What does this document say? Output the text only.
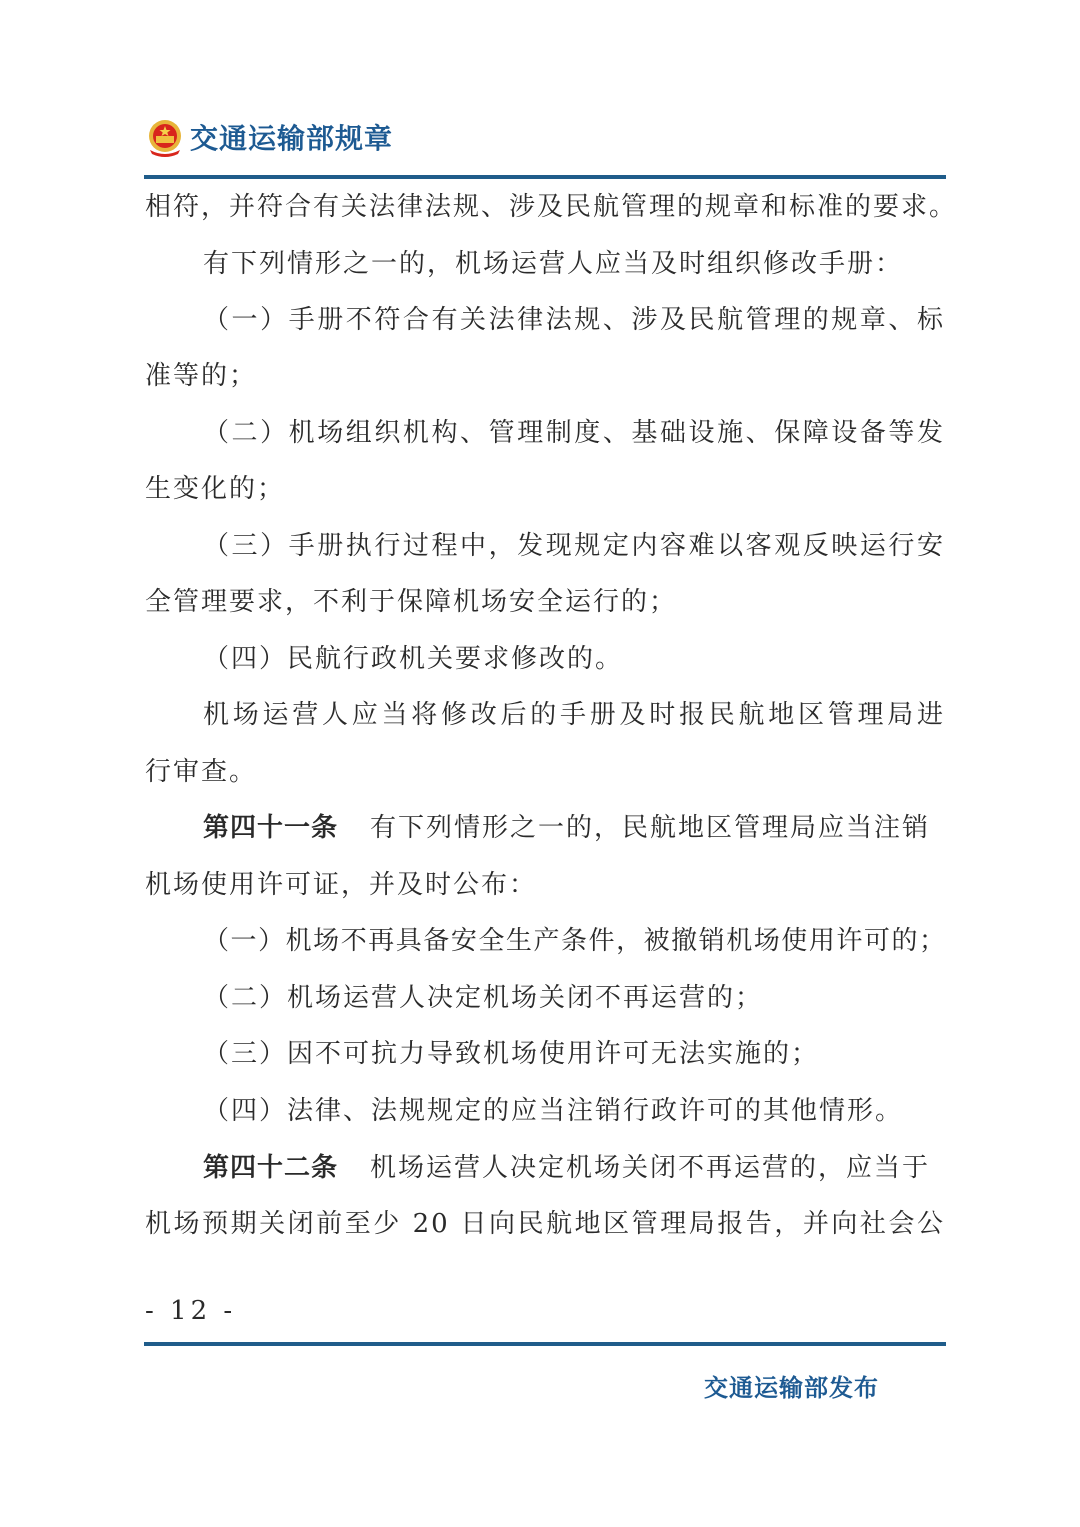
交通运输部规章
相符，并符合有关法律法规、涉及民航管理的规章和标准的要求。
有下列情形之一的，机场运营人应当及时组织修改手册：
（一）手册不符合有关法律法规、涉及民航管理的规章、标
准等的；
（二）机场组织机构、管理制度、基础设施、保障设备等发
生变化的；
（三）手册执行过程中，发现规定内容难以客观反映运行安
全管理要求，不利于保障机场安全运行的；
（四）民航行政机关要求修改的。
机场运营人应当将修改后的手册及时报民航地区管理局进
行审查。
第四十一条 有下列情形之一的，民航地区管理局应当注销
机场使用许可证，并及时公布：
（一）机场不再具备安全生产条件，被撤销机场使用许可的；
（二）机场运营人决定机场关闭不再运营的；
（三）因不可抗力导致机场使用许可无法实施的；
（四）法律、法规规定的应当注销行政许可的其他情形。
第四十二条 机场运营人决定机场关闭不再运营的，应当于
机场预期关闭前至少 20 日向民航地区管理局报告，并向社会公
- 12 -
交通运输部发布
